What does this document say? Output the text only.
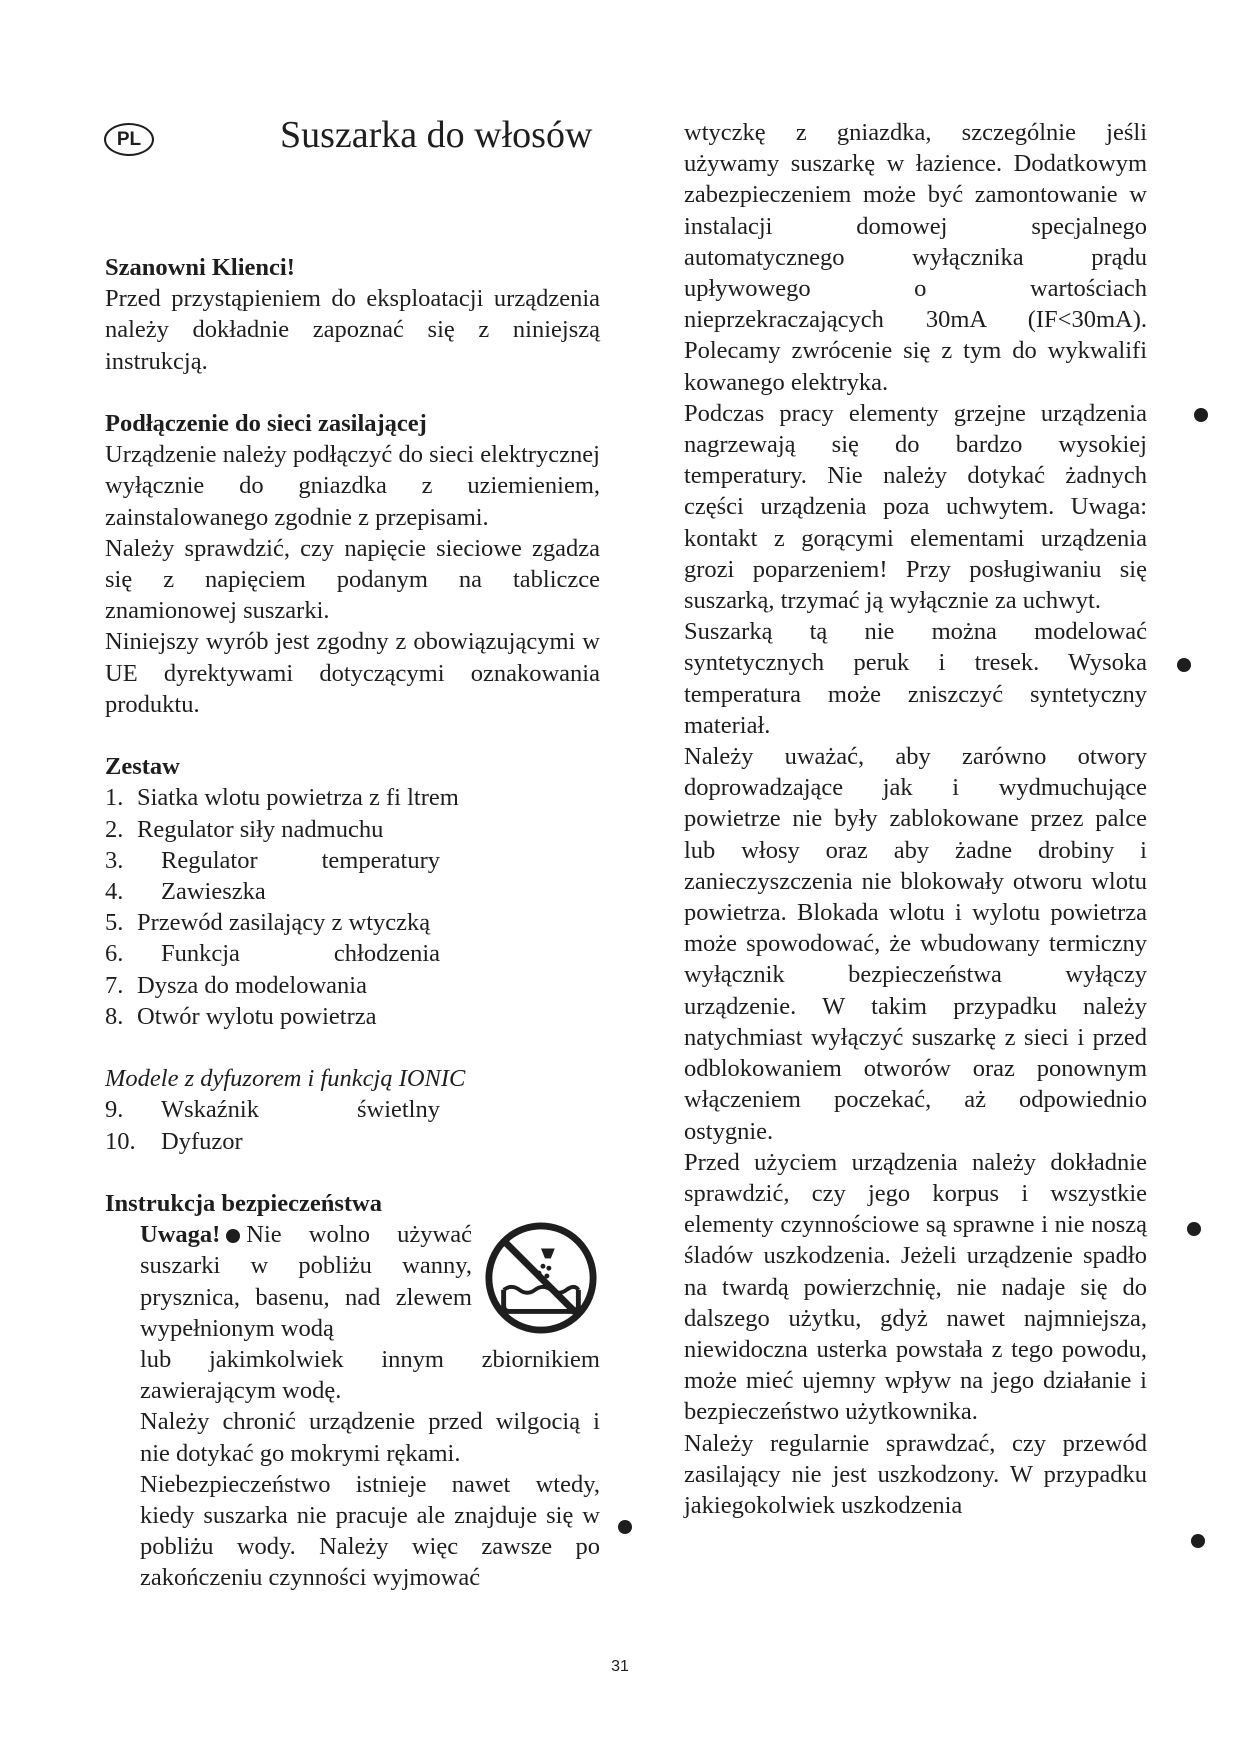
PL	Suszarka do włosów
Szanowni Klienci!

Przed przystąpieniem do eksploatacji urządzenia należy dokładnie zapoznać się z niniejszą instrukcją.

Podłączenie do sieci zasilającej

Urządzenie należy podłączyć do sieci elektrycznej wyłącznie do gniazdka z uziemieniem, zainstalowanego zgodnie z przepisami.

Należy sprawdzić, czy napięcie sieciowe zgadza się z napięciem podanym na tabliczce znamionowej suszarki.

Niniejszy wyrób jest zgodny z obowiązującymi w UE dyrektywami dotyczącymi oznakowania produktu.

Zestaw
1. Siatka wlotu powietrza z fi ltrem
2. Regulator siły nadmuchu
3.	Regulator temperatury
4.	Zawieszka
5. Przewód zasilający z wtyczką
6.	Funkcja chłodzenia
7. Dysza do modelowania
8. Otwór wylotu powietrza

Modele z dyfuzorem i funkcją IONIC

9.	Wskaźnik świetlny
10.	Dyfuzor
Instrukcja bezpieczeństwa

Uwaga! Nie wolno używać suszarki w pobliżu wanny, prysznica, basenu, nad zlewem wypełnionym wodą

lub jakimkolwiek innym zbiornikiem zawierającym wodę.

Należy chronić urządzenie przed wilgocią i nie dotykać go mokrymi rękami.

Niebezpieczeństwo istnieje nawet wtedy, kiedy suszarka nie pracuje ale znajduje się w pobliżu wody. Należy więc zawsze po zakończeniu czynności wyjmować

wtyczkę z gniazdka, szczególnie jeśli używamy suszarkę w łazience. Dodatkowym zabezpieczeniem może być zamontowanie w instalacji domowej specjalnego automatycznego wyłącznika prądu upływowego o wartościach nieprzekraczających 30mA (IF<30mA). Polecamy zwrócenie się z tym do wykwalifi kowanego elektryka.

Podczas pracy elementy grzejne urządzenia nagrzewają się do bardzo wysokiej temperatury. Nie należy dotykać żadnych części urządzenia poza uchwytem. Uwaga: kontakt z gorącymi elementami urządzenia grozi poparzeniem! Przy posługiwaniu się suszarką, trzymać ją wyłącznie za uchwyt.

Suszarką tą nie można modelować syntetycznych peruk i tresek. Wysoka temperatura może zniszczyć syntetyczny materiał.

Należy uważać, aby zarówno otwory doprowadzające jak i wydmuchujące powietrze nie były zablokowane przez palce lub włosy oraz aby żadne drobiny i zanieczyszczenia nie blokowały otworu wlotu powietrza. Blokada wlotu i wylotu powietrza może spowodować, że wbudowany termiczny wyłącznik bezpieczeństwa wyłączy urządzenie. W takim przypadku należy natychmiast wyłączyć suszarkę z sieci i przed odblokowaniem otworów oraz ponownym włączeniem poczekać, aż odpowiednio ostygnie.

Przed użyciem urządzenia należy dokładnie sprawdzić, czy jego korpus i wszystkie elementy czynnościowe są sprawne i nie noszą śladów uszkodzenia. Jeżeli urządzenie spadło na twardą powierzchnię, nie nadaje się do dalszego użytku, gdyż nawet najmniejsza, niewidoczna usterka powstała z tego powodu, może mieć ujemny wpływ na jego działanie i bezpieczeństwo użytkownika.

Należy regularnie sprawdzać, czy przewód zasilający nie jest uszkodzony. W przypadku jakiegokolwiek uszkodzenia

31
